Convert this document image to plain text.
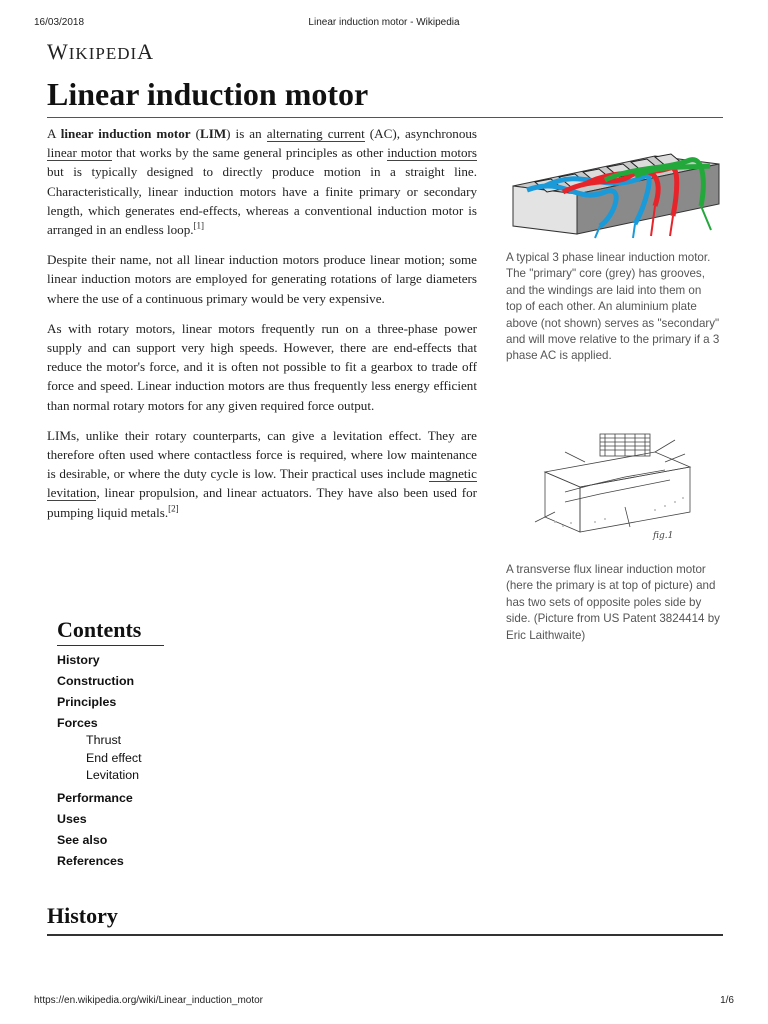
16/03/2018	Linear induction motor - Wikipedia
WIKIPEDIA
Linear induction motor

A linear induction motor (LIM) is an alternating current (AC), asynchronous linear motor that works by the same general principles as other induction motors but is typically designed to directly produce motion in a straight line. Characteristically, linear induction motors have a finite primary or secondary length, which generates end-effects, whereas a conventional induction motor is arranged in an endless loop.[1]

Despite their name, not all linear induction motors produce linear motion; some linear induction motors are employed for generating rotations of large diameters where the use of a continuous primary would be very expensive.

As with rotary motors, linear motors frequently run on a three-phase power supply and can support very high speeds. However, there are end-effects that reduce the motor's force, and it is often not possible to fit a gearbox to trade off force and speed. Linear induction motors are thus frequently less energy efficient than normal rotary motors for any given required force output.

LIMs, unlike their rotary counterparts, can give a levitation effect. They are therefore often used where contactless force is required, where low maintenance is desirable, or where the duty cycle is low. Their practical uses include magnetic levitation, linear propulsion, and linear actuators. They have also been used for pumping liquid metals.[2]

A typical 3 phase linear induction motor. The "primary" core (grey) has grooves, and the windings are laid into them on top of each other. An aluminium plate above (not shown) serves as "secondary" and will move relative to the primary if a 3 phase AC is applied.
fig.1
A transverse flux linear induction motor (here the primary is at top of picture) and has two sets of opposite poles side by side. (Picture from US Patent 3824414 by Eric Laithwaite)
Contents
History
Construction
Principles
Forces
Thrust
End effect
Levitation
Performance
Uses
See also
References
History
https://en.wikipedia.org/wiki/Linear_induction_motor	1/6
